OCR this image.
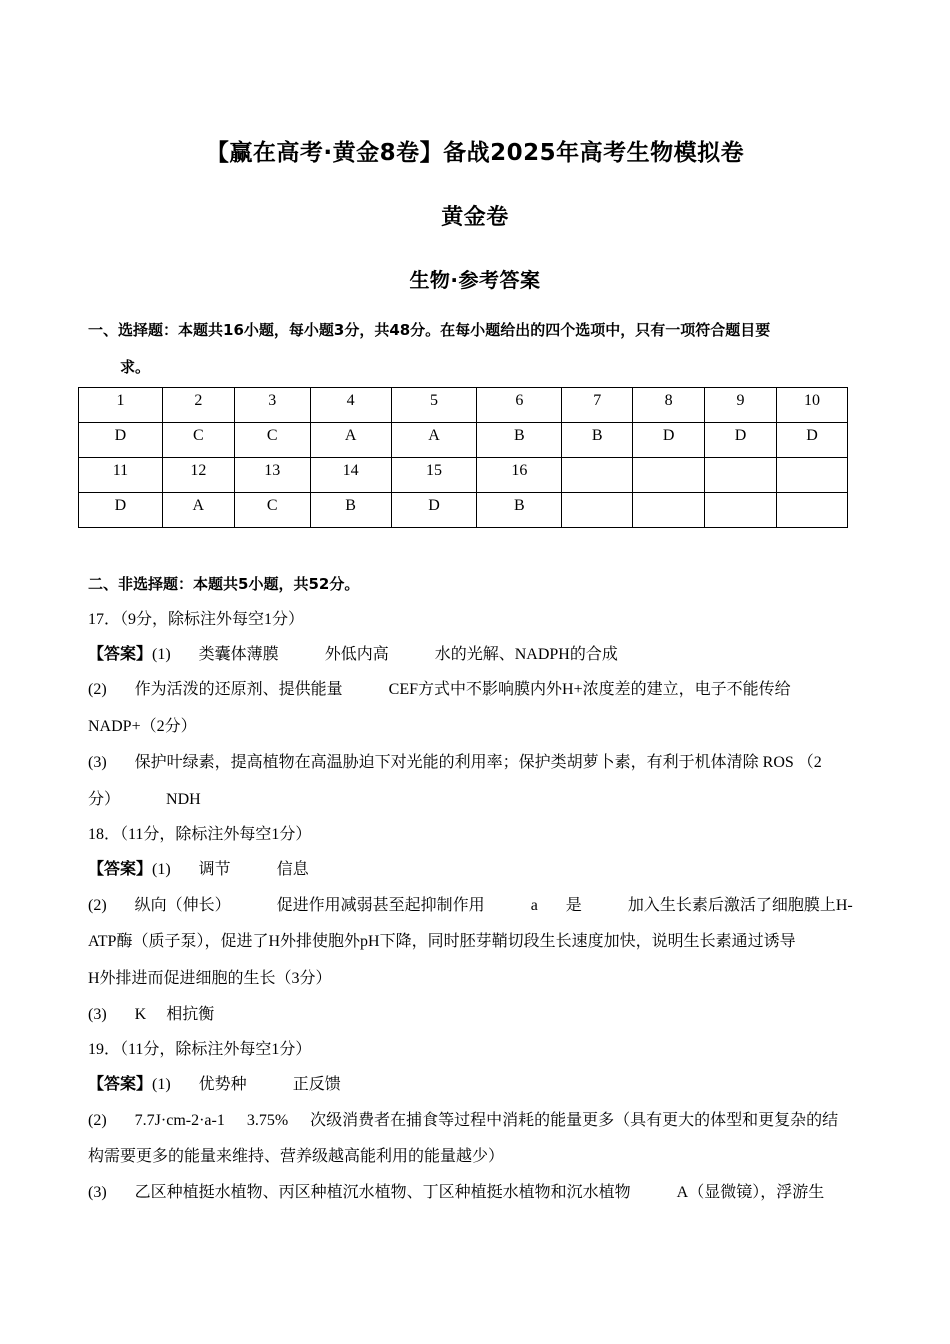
【赢在高考·黄金8卷】备战2025年高考生物模拟卷
黄金卷
生物·参考答案
一、选择题：本题共16小题，每小题3分，共48分。在每小题给出的四个选项中，只有一项符合题目要
求。
1	2	3	4	5	6	7	8	9	10
D	C	C	A	A	B	B	D	D	D
11	12	13	14	15	16				
D	A	C	B	D	B				
二、非选择题：本题共5小题，共52分。
17．（9分，除标注外每空1分）
【答案】(1) 类囊体薄膜	外低内高	水的光解、NADPH的合成
(2) 作为活泼的还原剂、提供能量	CEF方式中不影响膜内外H+浓度差的建立，电子不能传给
NADP+（2分）
(3) 保护叶绿素，提高植物在高温胁迫下对光能的利用率；保护类胡萝卜素，有利于机体清除 ROS （2
分）	NDH
18．（11分，除标注外每空1分）
【答案】(1) 调节	信息
(2) 纵向（伸长）	促进作用减弱甚至起抑制作用	a 是	加入生长素后激活了细胞膜上H-
ATP酶（质子泵），促进了H外排使胞外pH下降，同时胚芽鞘切段生长速度加快，说明生长素通过诱导
H外排进而促进细胞的生长（3分）
(3) K 相抗衡
19．（11分，除标注外每空1分）
【答案】(1) 优势种	正反馈
(2) 7.7J·cm-2·a-1 3.75% 次级消费者在捕食等过程中消耗的能量更多（具有更大的体型和更复杂的结
构需要更多的能量来维持、营养级越高能利用的能量越少）
(3) 乙区种植挺水植物、丙区种植沉水植物、丁区种植挺水植物和沉水植物	A（显微镜），浮游生
